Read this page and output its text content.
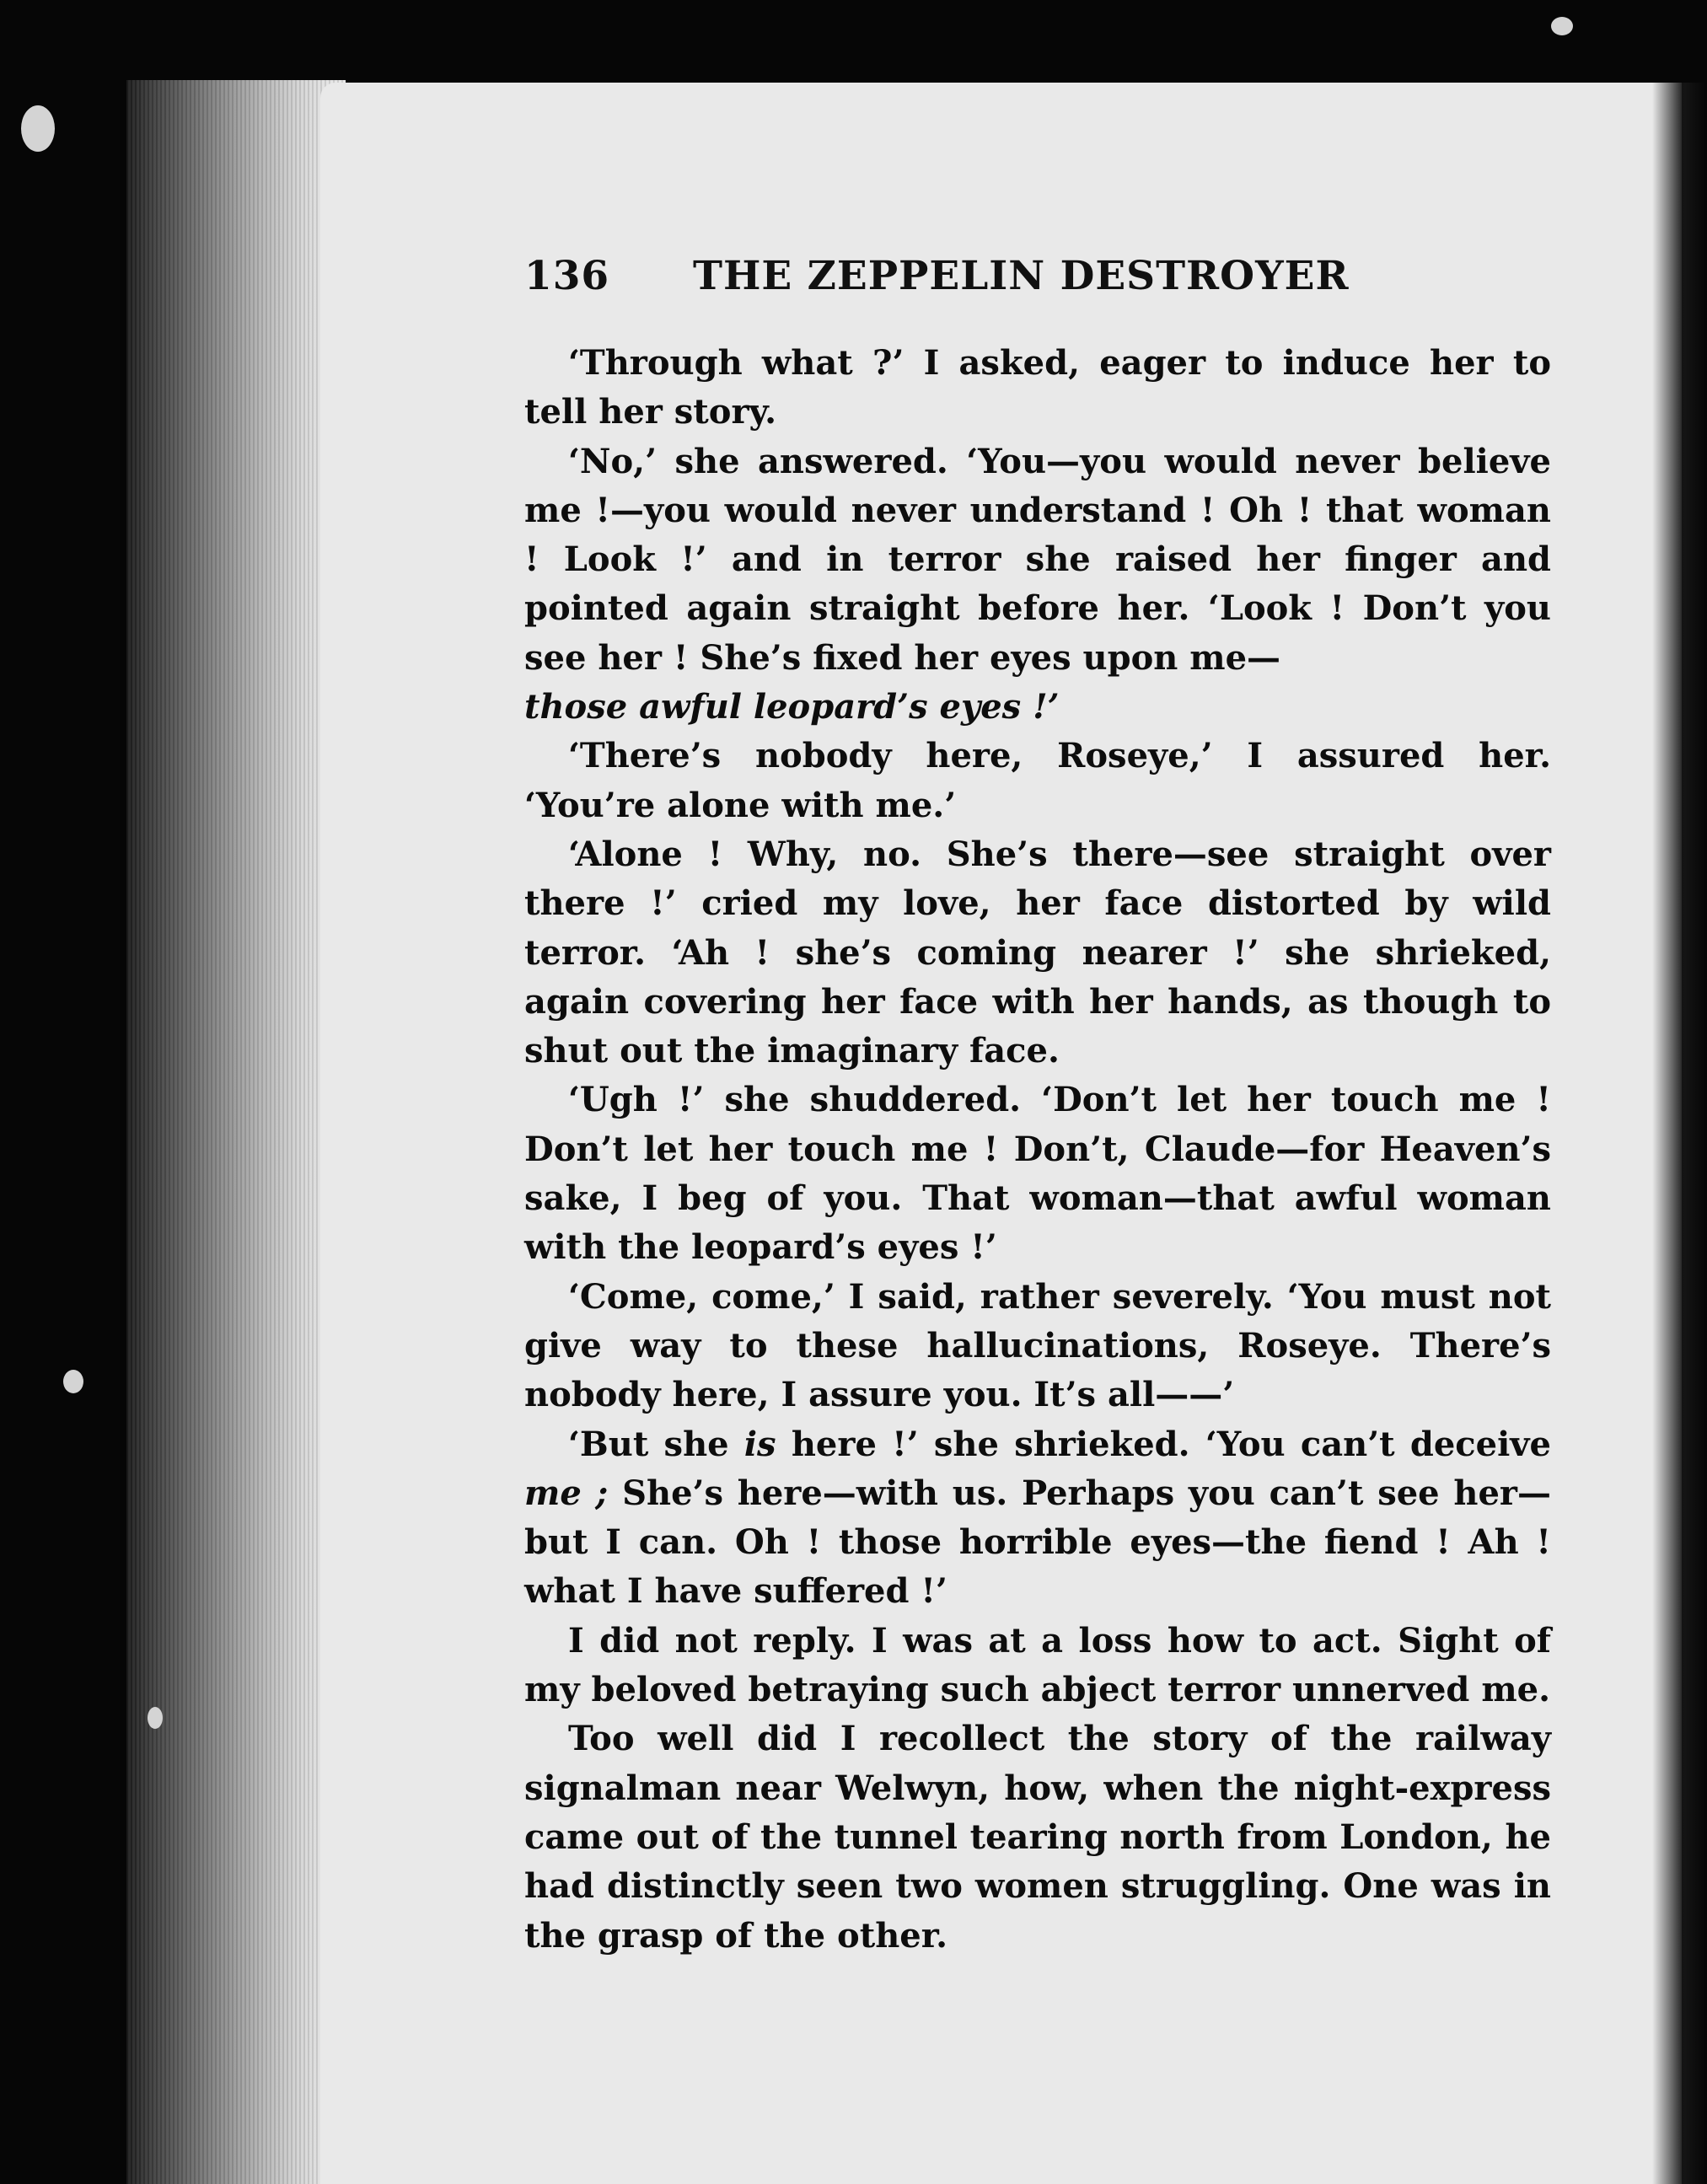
136 THE ZEPPELIN DESTROYER

‘Through what ?’ I asked, eager to induce her to tell her story.

‘No,’ she answered. ‘You—you would never believe me !—you would never understand ! Oh ! that woman ! Look !’ and in terror she raised her finger and pointed again straight before her. ‘Look ! Don’t you see her ! She’s fixed her eyes upon me—
those awful leopard’s eyes !’

‘There’s nobody here, Roseye,’ I assured her. ‘You’re alone with me.’

‘Alone ! Why, no. She’s there—see straight over there !’ cried my love, her face distorted by wild terror. ‘Ah ! she’s coming nearer !’ she shrieked, again covering her face with her hands, as though to shut out the imaginary face.

‘Ugh !’ she shuddered. ‘Don’t let her touch me ! Don’t let her touch me ! Don’t, Claude—for Heaven’s sake, I beg of you. That woman—that awful woman with the leopard’s eyes !’

‘Come, come,’ I said, rather severely. ‘You must not give way to these hallucinations, Roseye. There’s nobody here, I assure you. It’s all——’

‘But she is here !’ she shrieked. ‘You can’t deceive me ; She’s here—with us. Perhaps you can’t see her—but I can. Oh ! those horrible eyes—the fiend ! Ah ! what I have suffered !’

I did not reply. I was at a loss how to act. Sight of my beloved betraying such abject terror unnerved me.

Too well did I recollect the story of the railway signalman near Welwyn, how, when the night-express came out of the tunnel tearing north from London, he had distinctly seen two women struggling. One was in the grasp of the other.
